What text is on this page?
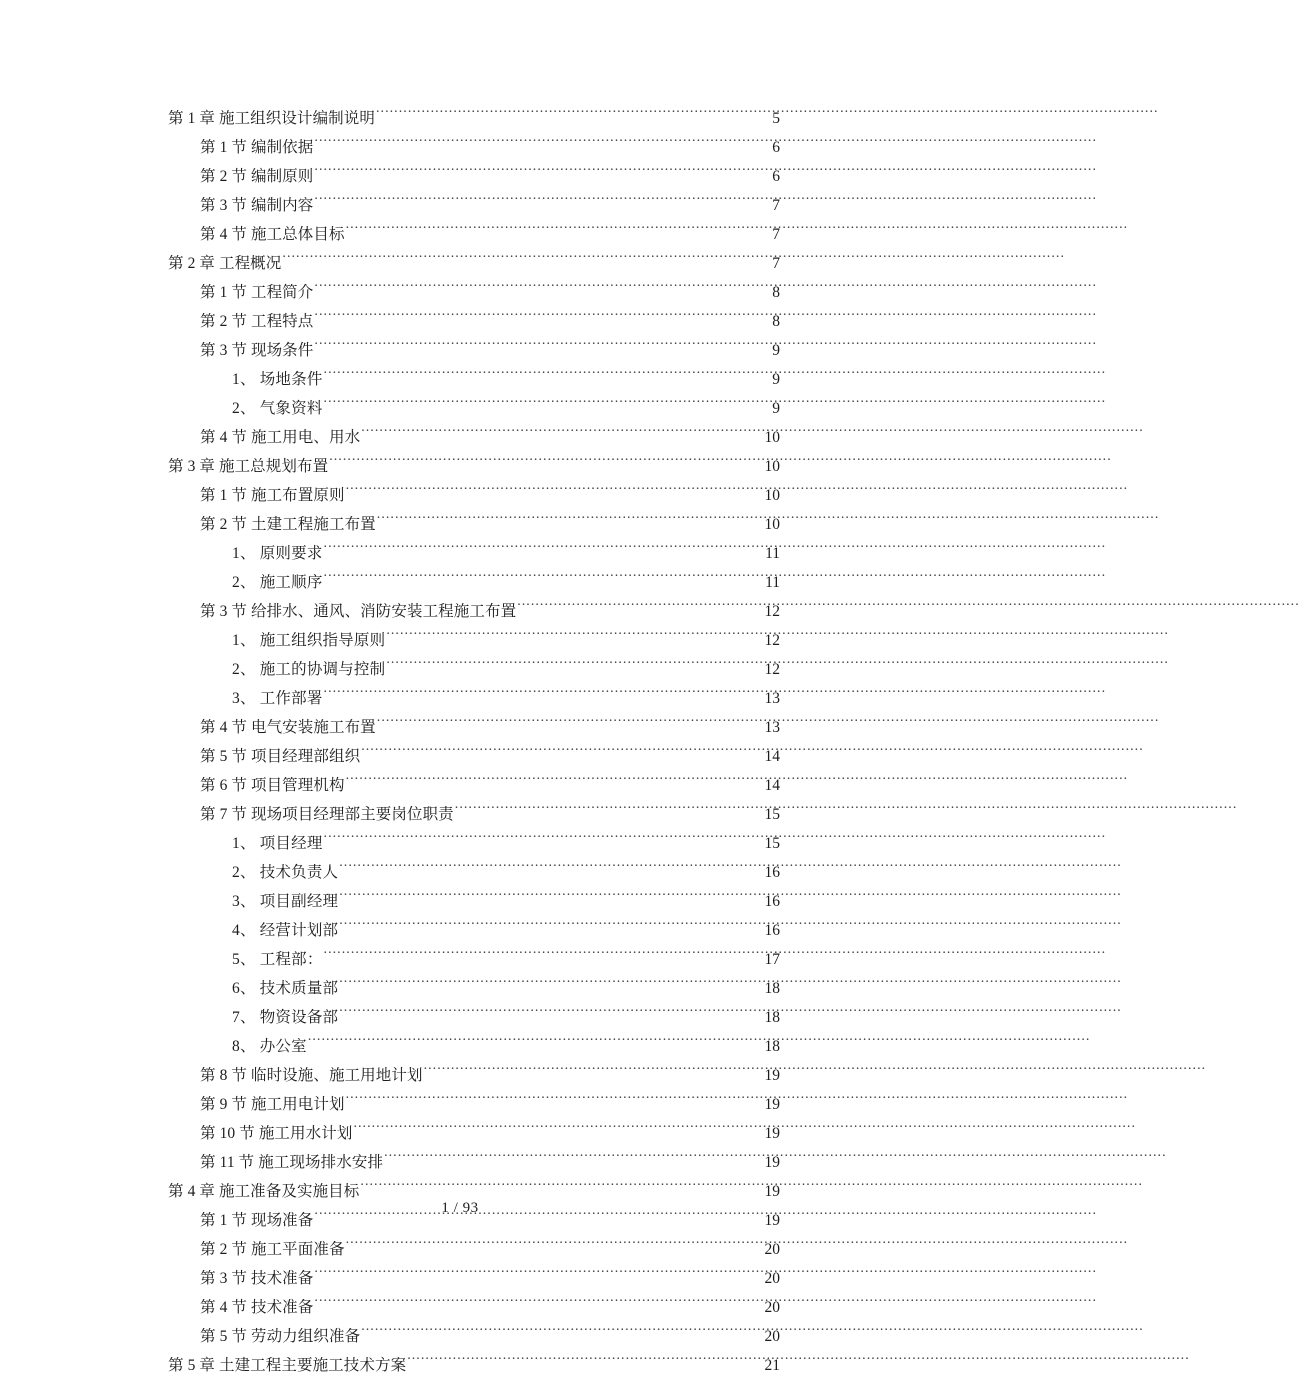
第 1 章 施工组织设计编制说明 .....	5
第 1 节 编制依据 .....	6
第 2 节 编制原则 .....	6
第 3 节 编制内容 .....	7
第 4 节 施工总体目标 .....	7
第 2 章 工程概况 .....	7
第 1 节 工程简介 .....	8
第 2 节 工程特点 .....	8
第 3 节 现场条件 .....	9
1、 场地条件 .....	9
2、 气象资料 .....	9
第 4 节 施工用电、用水 .....	10
第 3 章 施工总规划布置 .....	10
第 1 节 施工布置原则 .....	10
第 2 节 土建工程施工布置 .....	10
1、 原则要求 .....	11
2、 施工顺序 .....	11
第 3 节 给排水、通风、消防安装工程施工布置 .....	12
1、 施工组织指导原则 .....	12
2、 施工的协调与控制 .....	12
3、 工作部署 .....	13
第 4 节 电气安装施工布置 .....	13
第 5 节 项目经理部组织 .....	14
第 6 节 项目管理机构 .....	14
第 7 节 现场项目经理部主要岗位职责 .....	15
1、 项目经理 .....	15
2、 技术负责人 .....	16
3、 项目副经理 .....	16
4、 经营计划部 .....	16
5、 工程部： .....	17
6、 技术质量部 .....	18
7、 物资设备部 .....	18
8、 办公室 .....	18
第 8 节 临时设施、施工用地计划 .....	19
第 9 节 施工用电计划 .....	19
第 10 节 施工用水计划 .....	19
第 11 节 施工现场排水安排 .....	19
第 4 章 施工准备及实施目标 .....	19
第 1 节 现场准备 .....	19
第 2 节 施工平面准备 .....	20
第 3 节 技术准备 .....	20
第 4 节 技术准备 .....	20
第 5 节 劳动力组织准备 .....	20
第 5 章 土建工程主要施工技术方案 .....	21
1 / 93
